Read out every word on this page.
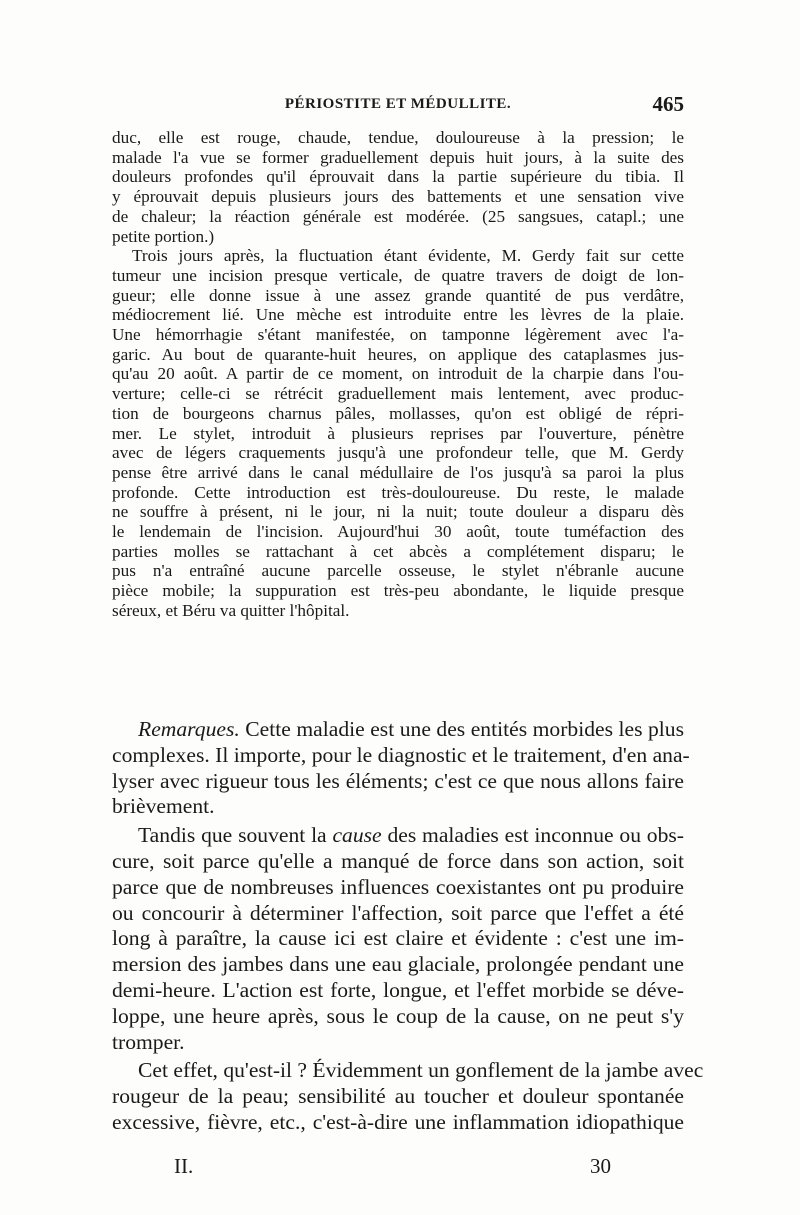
PÉRIOSTITE ET MÉDULLITE.	465
duc, elle est rouge, chaude, tendue, douloureuse à la pression; le
malade l'a vue se former graduellement depuis huit jours, à la suite des
douleurs profondes qu'il éprouvait dans la partie supérieure du tibia. Il
y éprouvait depuis plusieurs jours des battements et une sensation vive
de chaleur; la réaction générale est modérée. (25 sangsues, catapl.; une
petite portion.)
Trois jours après, la fluctuation étant évidente, M. Gerdy fait sur cette
tumeur une incision presque verticale, de quatre travers de doigt de lon-
gueur; elle donne issue à une assez grande quantité de pus verdâtre,
médiocrement lié. Une mèche est introduite entre les lèvres de la plaie.
Une hémorrhagie s'étant manifestée, on tamponne légèrement avec l'a-
garic. Au bout de quarante-huit heures, on applique des cataplasmes jus-
qu'au 20 août. A partir de ce moment, on introduit de la charpie dans l'ou-
verture; celle-ci se rétrécit graduellement mais lentement, avec produc-
tion de bourgeons charnus pâles, mollasses, qu'on est obligé de répri-
mer. Le stylet, introduit à plusieurs reprises par l'ouverture, pénètre
avec de légers craquements jusqu'à une profondeur telle, que M. Gerdy
pense être arrivé dans le canal médullaire de l'os jusqu'à sa paroi la plus
profonde. Cette introduction est très-douloureuse. Du reste, le malade
ne souffre à présent, ni le jour, ni la nuit; toute douleur a disparu dès
le lendemain de l'incision. Aujourd'hui 30 août, toute tuméfaction des
parties molles se rattachant à cet abcès a complétement disparu; le
pus n'a entraîné aucune parcelle osseuse, le stylet n'ébranle aucune
pièce mobile; la suppuration est très-peu abondante, le liquide presque
séreux, et Béru va quitter l'hôpital.
Remarques. Cette maladie est une des entités morbides les plus
complexes. Il importe, pour le diagnostic et le traitement, d'en ana-
lyser avec rigueur tous les éléments; c'est ce que nous allons faire
brièvement.
Tandis que souvent la cause des maladies est inconnue ou obs-
cure, soit parce qu'elle a manqué de force dans son action, soit
parce que de nombreuses influences coexistantes ont pu produire
ou concourir à déterminer l'affection, soit parce que l'effet a été
long à paraître, la cause ici est claire et évidente : c'est une im-
mersion des jambes dans une eau glaciale, prolongée pendant une
demi-heure. L'action est forte, longue, et l'effet morbide se déve-
loppe, une heure après, sous le coup de la cause, on ne peut s'y
tromper.
Cet effet, qu'est-il ? Évidemment un gonflement de la jambe avec
rougeur de la peau; sensibilité au toucher et douleur spontanée
excessive, fièvre, etc., c'est-à-dire une inflammation idiopathique
II.	30
